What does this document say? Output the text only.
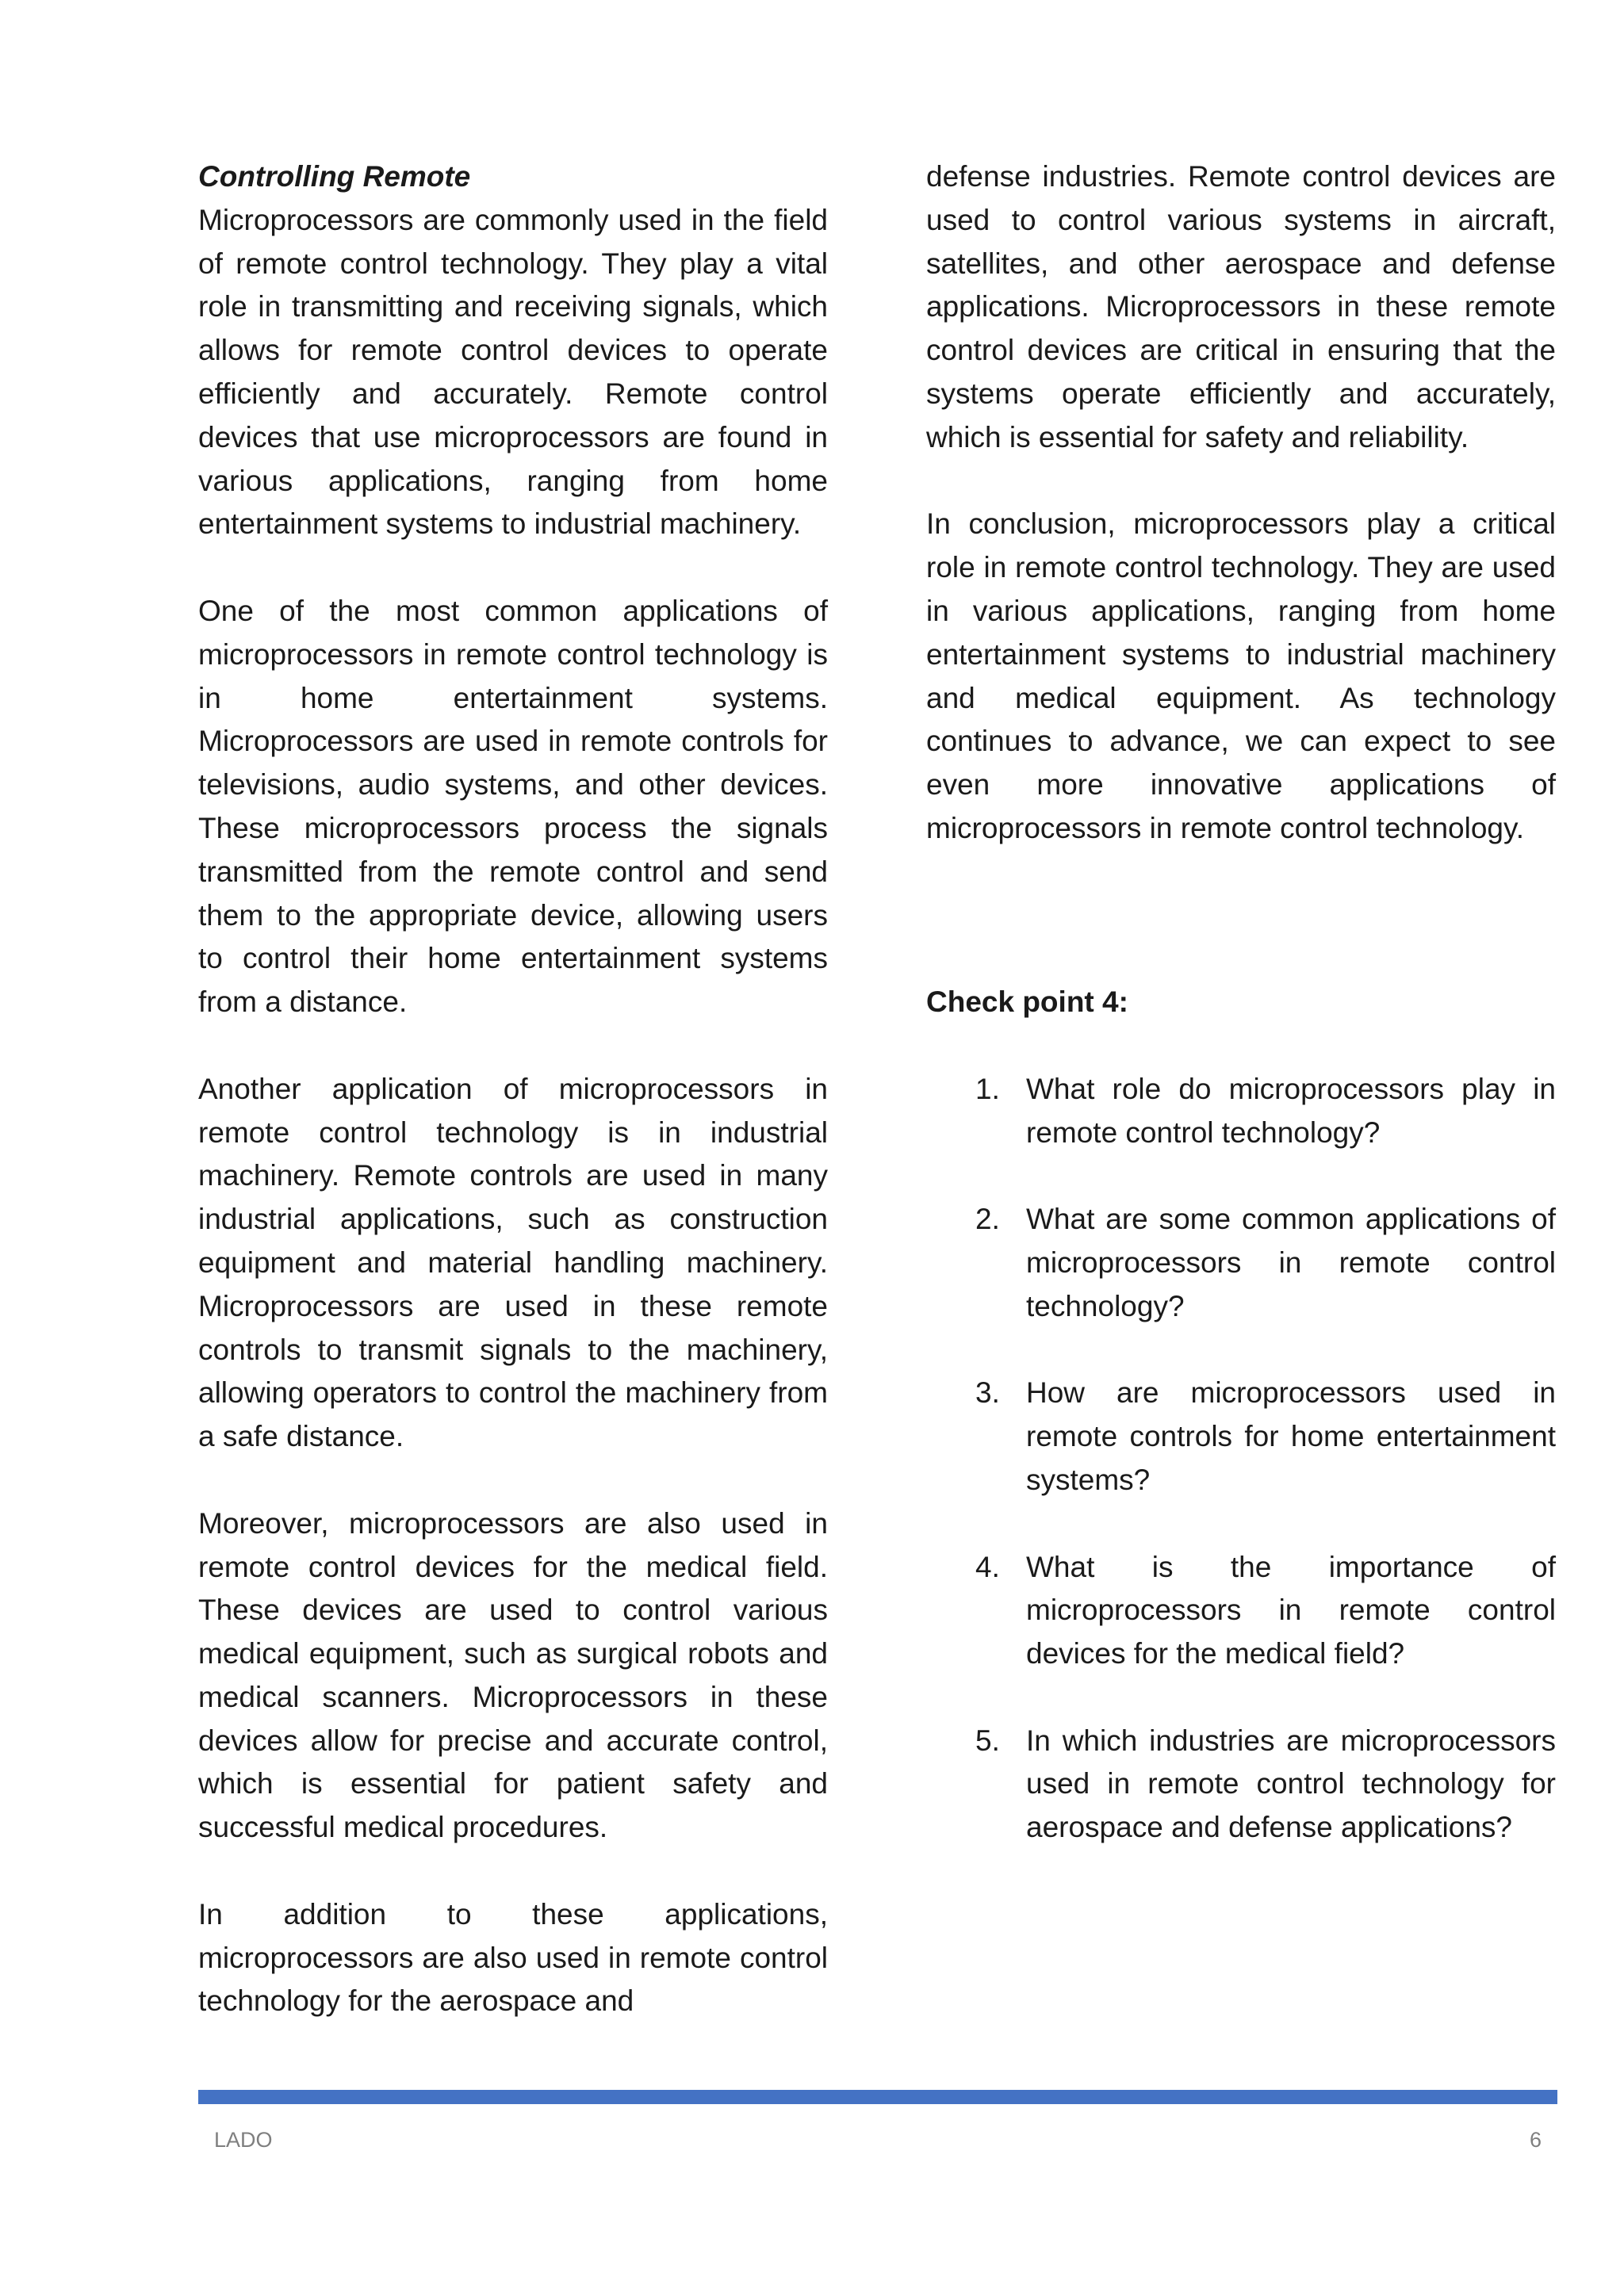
Controlling Remote

Microprocessors are commonly used in the field of remote control technology. They play a vital role in transmitting and receiving signals, which allows for remote control devices to operate efficiently and accurately. Remote control devices that use microprocessors are found in various applications, ranging from home entertainment systems to industrial machinery.

One of the most common applications of microprocessors in remote control technology is in home entertainment systems. Microprocessors are used in remote controls for televisions, audio systems, and other devices. These microprocessors process the signals transmitted from the remote control and send them to the appropriate device, allowing users to control their home entertainment systems from a distance.

Another application of microprocessors in remote control technology is in industrial machinery. Remote controls are used in many industrial applications, such as construction equipment and material handling machinery. Microprocessors are used in these remote controls to transmit signals to the machinery, allowing operators to control the machinery from a safe distance.

Moreover, microprocessors are also used in remote control devices for the medical field. These devices are used to control various medical equipment, such as surgical robots and medical scanners. Microprocessors in these devices allow for precise and accurate control, which is essential for patient safety and successful medical procedures.

In addition to these applications, microprocessors are also used in remote control technology for the aerospace and

defense industries. Remote control devices are used to control various systems in aircraft, satellites, and other aerospace and defense applications. Microprocessors in these remote control devices are critical in ensuring that the systems operate efficiently and accurately, which is essential for safety and reliability.

In conclusion, microprocessors play a critical role in remote control technology. They are used in various applications, ranging from home entertainment systems to industrial machinery and medical equipment. As technology continues to advance, we can expect to see even more innovative applications of microprocessors in remote control technology.

Check point 4:
1. What role do microprocessors play in remote control technology?
2. What are some common applications of microprocessors in remote control technology?
3. How are microprocessors used in remote controls for home entertainment systems?
4. What is the importance of microprocessors in remote control devices for the medical field?
5. In which industries are microprocessors used in remote control technology for aerospace and defense applications?
LADO	6
